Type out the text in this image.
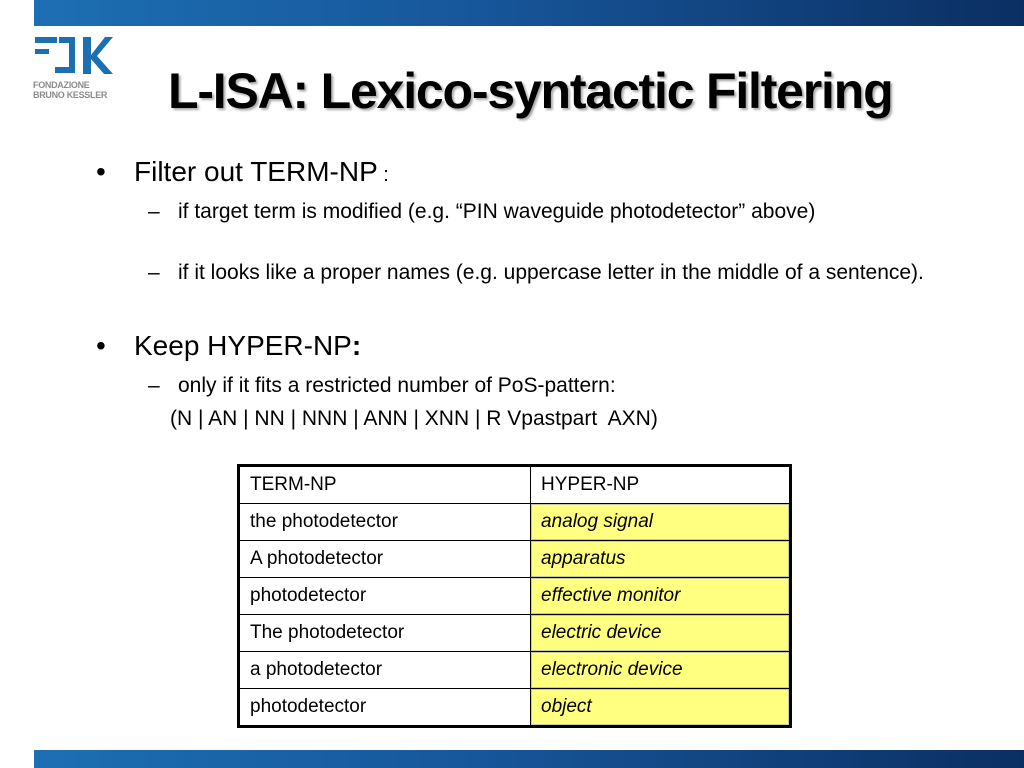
FONDAZIONE
BRUNO KESSLER L-ISA: Lexico-syntactic Filtering
• Filter out TERM-NP :
– if target term is modified (e.g. “PIN waveguide photodetector” above)
– if it looks like a proper names (e.g. uppercase letter in the middle of a sentence).
• Keep HYPER-NP:
– only if it fits a restricted number of PoS-pattern:
(N | AN | NN | NNN | ANN | XNN | R Vpastpart  AXN)
TERM-NP	HYPER-NP
the photodetector	analog signal
A photodetector	apparatus
photodetector	effective monitor
The photodetector	electric device
a photodetector	electronic device
photodetector	object
